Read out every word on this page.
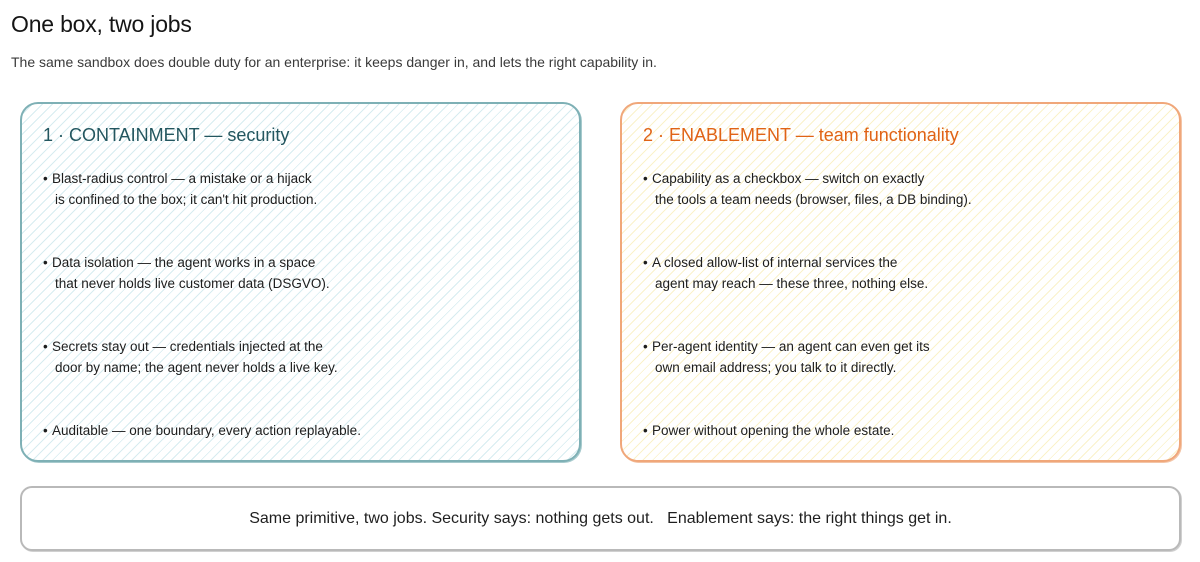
One box, two jobs

The same sandbox does double duty for an enterprise: it keeps danger in, and lets the right capability in.

1 · CONTAINMENT — security
• Blast-radius control — a mistake or a hijack
is confined to the box; it can't hit production.
• Data isolation — the agent works in a space
that never holds live customer data (DSGVO).
• Secrets stay out — credentials injected at the
door by name; the agent never holds a live key.
• Auditable — one boundary, every action replayable.
2 · ENABLEMENT — team functionality
• Capability as a checkbox — switch on exactly
the tools a team needs (browser, files, a DB binding).
• A closed allow-list of internal services the
agent may reach — these three, nothing else.
• Per-agent identity — an agent can even get its
own email address; you talk to it directly.
• Power without opening the whole estate.

Same primitive, two jobs. Security says: nothing gets out.   Enablement says: the right things get in.
